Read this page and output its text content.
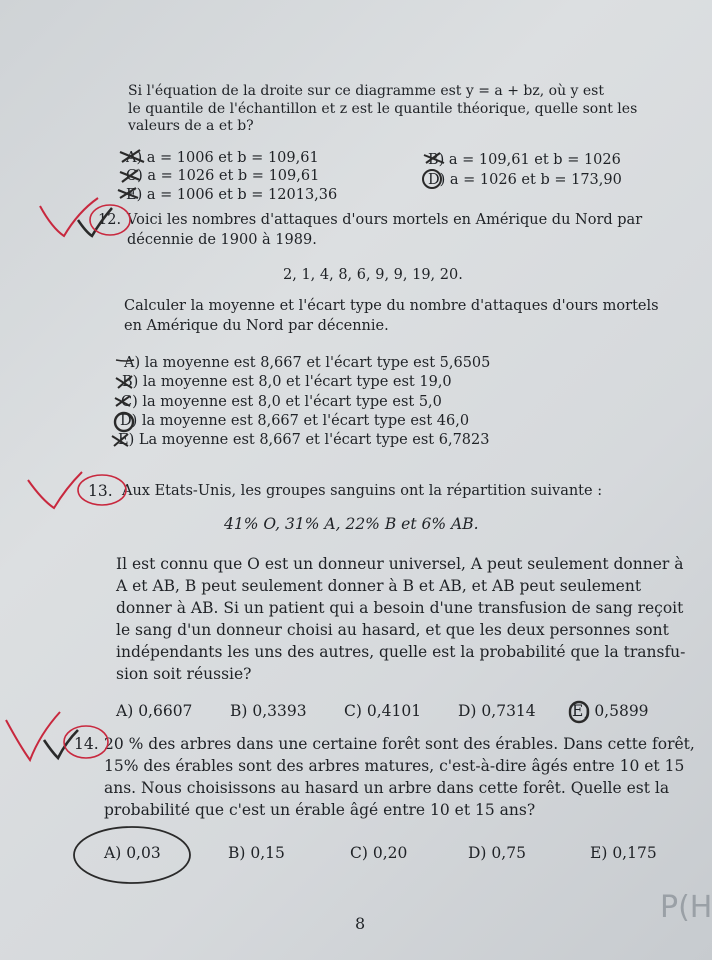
Si l'équation de la droite sur ce diagramme est y = a + bz, où y est
le quantile de l'échantillon et z est le quantile théorique, quelle sont les
valeurs de a et b?
A) a = 1006 et b = 109,61	B) a = 109,61 et b = 1026
C) a = 1026 et b = 109,61	D) a = 1026 et b = 173,90
E) a = 1006 et b = 12013,36
12. Voici les nombres d'attaques d'ours mortels en Amérique du Nord par
décennie de 1900 à 1989.
2, 1, 4, 8, 6, 9, 9, 19, 20.
Calculer la moyenne et l'écart type du nombre d'attaques d'ours mortels
en Amérique du Nord par décennie.
A) la moyenne est 8,667 et l'écart type est 5,6505
B) la moyenne est 8,0 et l'écart type est 19,0
C) la moyenne est 8,0 et l'écart type est 5,0
D) la moyenne est 8,667 et l'écart type est 46,0
E) La moyenne est 8,667 et l'écart type est 6,7823
13. Aux Etats-Unis, les groupes sanguins ont la répartition suivante :
41% O, 31% A, 22% B et 6% AB.
Il est connu que O est un donneur universel, A peut seulement donner à
A et AB, B peut seulement donner à B et AB, et AB peut seulement
donner à AB. Si un patient qui a besoin d'une transfusion de sang reçoit
le sang d'un donneur choisi au hasard, et que les deux personnes sont
indépendants les uns des autres, quelle est la probabilité que la transfu-
sion soit réussie?
A) 0,6607 B) 0,3393 C) 0,4101 D) 0,7314 E) 0,5899
14. 20 % des arbres dans une certaine forêt sont des érables. Dans cette forêt,
15% des érables sont des arbres matures, c'est-à-dire âgés entre 10 et 15
ans. Nous choisissons au hasard un arbre dans cette forêt. Quelle est la
probabilité que c'est un érable âgé entre 10 et 15 ans?
A) 0,03	B) 0,15	C) 0,20	D) 0,75	E) 0,175
8	P(H
